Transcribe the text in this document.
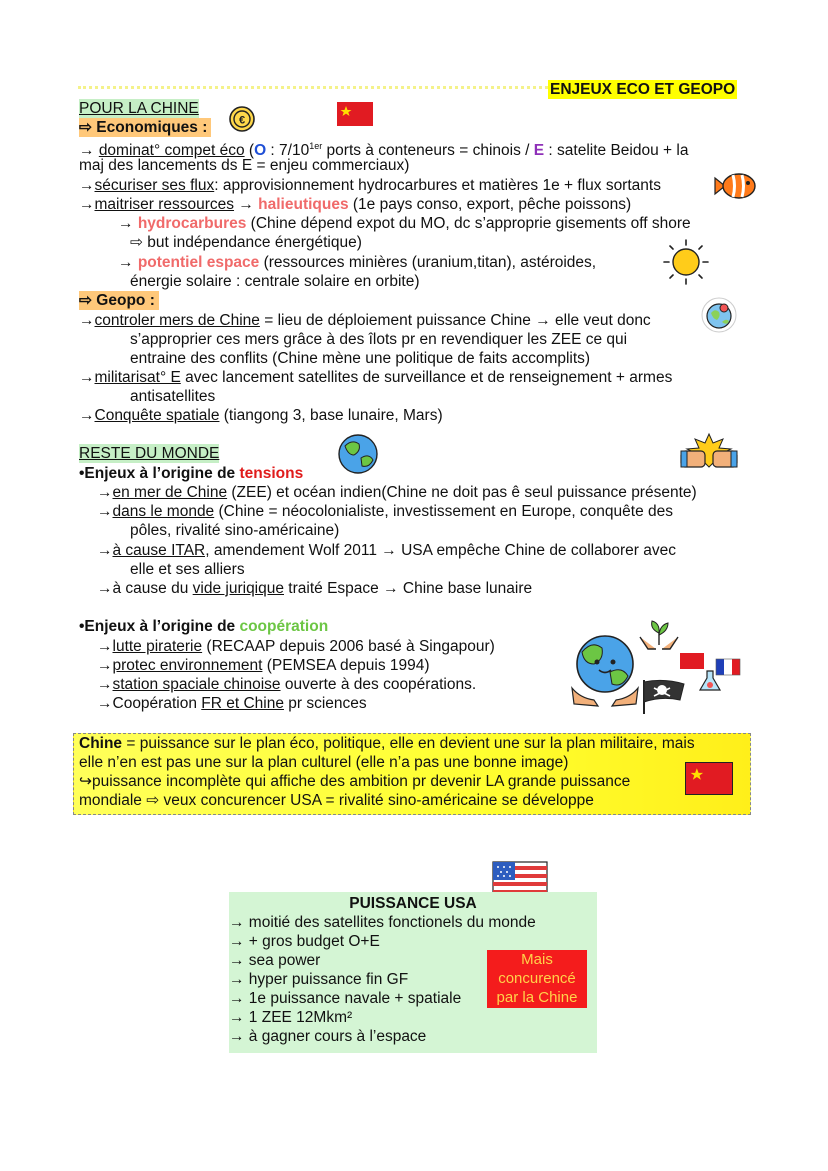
ENJEUX ECO ET GEOPO
POUR LA CHINE
€
⇨ Economiques :
→ dominat° compet éco (O : $7/10^{1er}$ ports à conteneurs = chinois / E : satelite Beidou + la
maj des lancements ds E = enjeu commerciaux)
→sécuriser ses flux: approvisionnement hydrocarbures et matières 1e + flux sortants
→maitriser ressources → halieutiques (1e pays conso, export, pêche poissons)
→ hydrocarbures (Chine dépend expot du MO, dc s’approprie gisements off shore
⇨ but indépendance énergétique)
→ potentiel espace (ressources minières (uranium,titan), astéroides,
énergie solaire : centrale solaire en orbite)
⇨ Geopo :
→controler mers de Chine = lieu de déploiement puissance Chine → elle veut donc
s’approprier ces mers grâce à des îlots pr en revendiquer les ZEE ce qui
entraine des conflits (Chine mène une politique de faits accomplits)
→militarisat° E avec lancement satellites de surveillance et de renseignement + armes
antisatellites
→Conquête spatiale (tiangong 3, base lunaire, Mars)
RESTE DU MONDE
•Enjeux à l’origine de tensions
→en mer de Chine (ZEE) et océan indien(Chine ne doit pas ê seul puissance présente)
→dans le monde (Chine = néocolonialiste, investissement en Europe, conquête des
pôles, rivalité sino-américaine)
→à cause ITAR, amendement Wolf 2011 → USA empêche Chine de collaborer avec
elle et ses alliers
→à cause du vide juriqique traité Espace → Chine base lunaire
•Enjeux à l’origine de coopération
→lutte piraterie (RECAAP depuis 2006 basé à Singapour)
→protec environnement (PEMSEA depuis 1994)
→station spaciale chinoise ouverte à des coopérations.
→Coopération FR et Chine pr sciences
Chine = puissance sur le plan éco, politique, elle en devient une sur la plan militaire, mais
elle n’en est pas une sur la plan culturel (elle n’a pas une bonne image)
↪puissance incomplète qui affiche des ambition pr devenir LA grande puissance
mondiale ⇨ veux concurencer USA = rivalité sino-américaine se développe
PUISSANCE USA
→ moitié des satellites fonctionels du monde
→ + gros budget O+E
→ sea power
→ hyper puissance fin GF
→ 1e puissance navale + spatiale
→ 1 ZEE 12Mkm²
→ à gagner cours à l’espace
Mais concurencé par la Chine
